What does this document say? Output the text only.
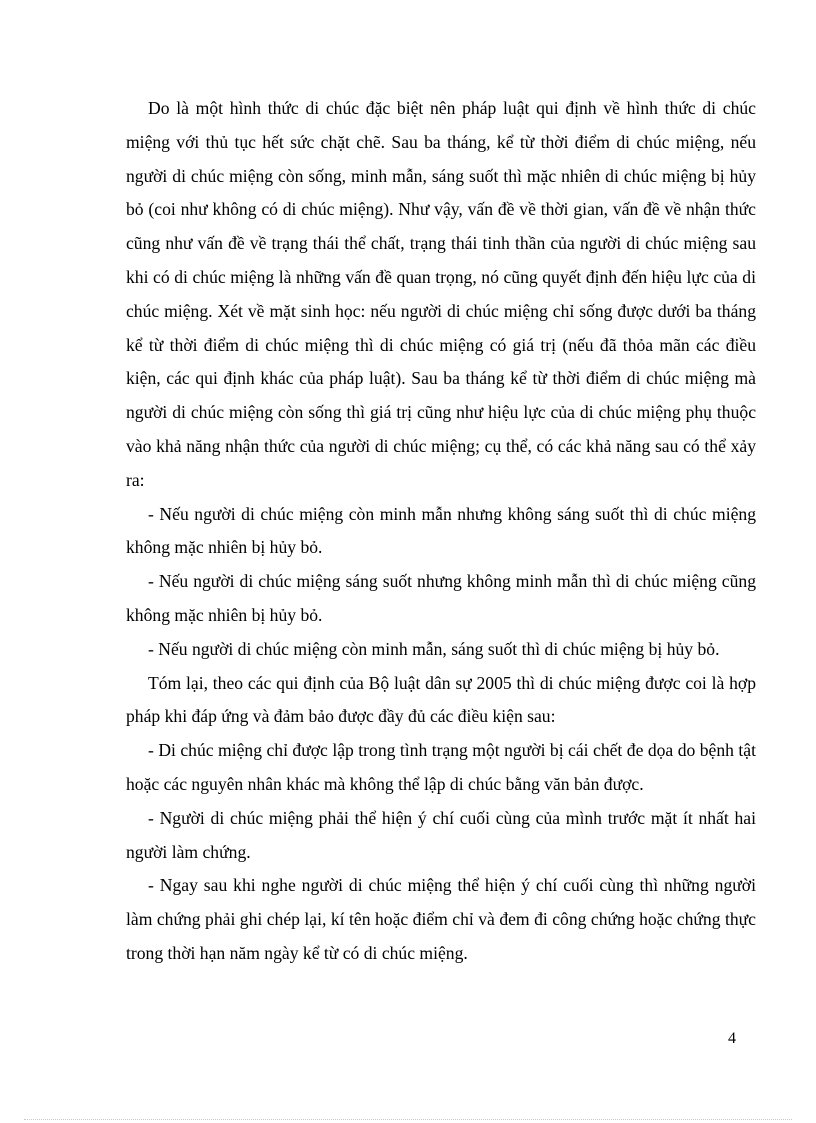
Do là một hình thức di chúc đặc biệt nên pháp luật qui định về hình thức di chúc miệng với thủ tục hết sức chặt chẽ. Sau ba tháng, kể từ thời điểm di chúc miệng, nếu người di chúc miệng còn sống, minh mẫn, sáng suốt thì mặc nhiên di chúc miệng bị hủy bỏ (coi như không có di chúc miệng). Như vậy, vấn đề về thời gian, vấn đề về nhận thức cũng như vấn đề về trạng thái thể chất, trạng thái tinh thần của người di chúc miệng sau khi có di chúc miệng là những vấn đề quan trọng, nó cũng quyết định đến hiệu lực của di chúc miệng. Xét về mặt sinh học: nếu người di chúc miệng chỉ sống được dưới ba tháng kể từ thời điểm di chúc miệng thì di chúc miệng có giá trị (nếu đã thỏa mãn các điều kiện, các qui định khác của pháp luật). Sau ba tháng kể từ thời điểm di chúc miệng mà người di chúc miệng còn sống thì giá trị cũng như hiệu lực của di chúc miệng phụ thuộc vào khả năng nhận thức của người di chúc miệng; cụ thể, có các khả năng sau có thể xảy ra:

- Nếu người di chúc miệng còn minh mẫn nhưng không sáng suốt thì di chúc miệng không mặc nhiên bị hủy bỏ.

- Nếu người di chúc miệng sáng suốt nhưng không minh mẫn thì di chúc miệng cũng không mặc nhiên bị hủy bỏ.

- Nếu người di chúc miệng còn minh mẫn, sáng suốt thì di chúc miệng bị hủy bỏ.

Tóm lại, theo các qui định của Bộ luật dân sự 2005 thì di chúc miệng được coi là hợp pháp khi đáp ứng và đảm bảo được đầy đủ các điều kiện sau:

- Di chúc miệng chỉ được lập trong tình trạng một người bị cái chết đe dọa do bệnh tật hoặc các nguyên nhân khác mà không thể lập di chúc bằng văn bản được.

- Người di chúc miệng phải thể hiện ý chí cuối cùng của mình trước mặt ít nhất hai người làm chứng.

- Ngay sau khi nghe người di chúc miệng thể hiện ý chí cuối cùng thì những người làm chứng phải ghi chép lại, kí tên hoặc điểm chỉ và đem đi công chứng hoặc chứng thực trong thời hạn năm ngày kể từ có di chúc miệng.

4
